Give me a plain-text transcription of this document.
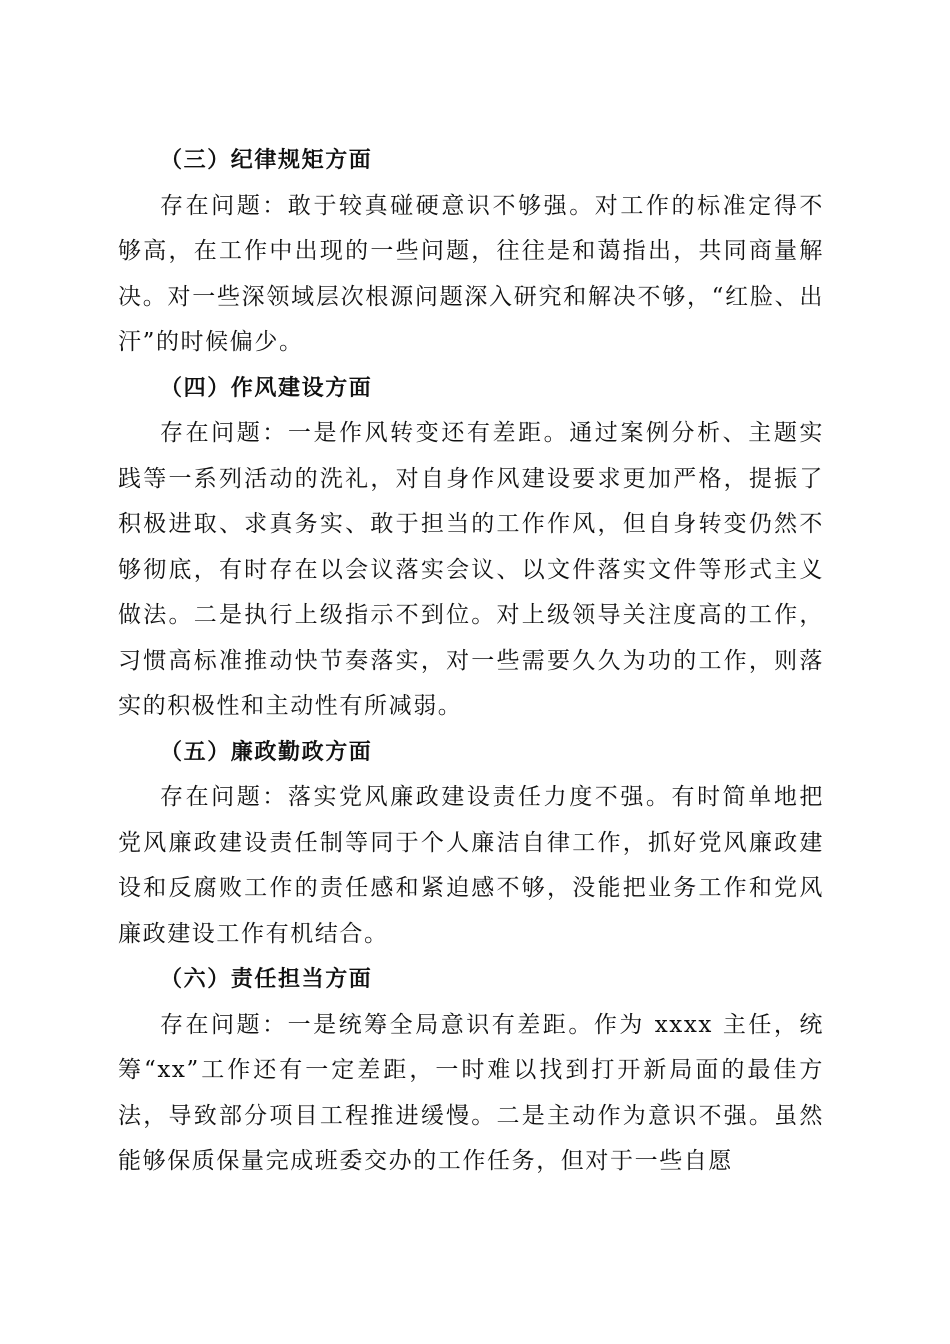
（三）纪律规矩方面

存在问题：敢于较真碰硬意识不够强。对工作的标准定得不够高，在工作中出现的一些问题，往往是和蔼指出，共同商量解决。对一些深领域层次根源问题深入研究和解决不够，“红脸、出汗”的时候偏少。

（四）作风建设方面

存在问题：一是作风转变还有差距。通过案例分析、主题实践等一系列活动的洗礼，对自身作风建设要求更加严格，提振了积极进取、求真务实、敢于担当的工作作风，但自身转变仍然不够彻底，有时存在以会议落实会议、以文件落实文件等形式主义做法。二是执行上级指示不到位。对上级领导关注度高的工作，习惯高标准推动快节奏落实，对一些需要久久为功的工作，则落实的积极性和主动性有所减弱。

（五）廉政勤政方面

存在问题：落实党风廉政建设责任力度不强。有时简单地把党风廉政建设责任制等同于个人廉洁自律工作，抓好党风廉政建设和反腐败工作的责任感和紧迫感不够，没能把业务工作和党风廉政建设工作有机结合。

（六）责任担当方面

存在问题：一是统筹全局意识有差距。作为 xxxx 主任，统筹“xx”工作还有一定差距，一时难以找到打开新局面的最佳方法，导致部分项目工程推进缓慢。二是主动作为意识不强。虽然能够保质保量完成班委交办的工作任务，但对于一些自愿
